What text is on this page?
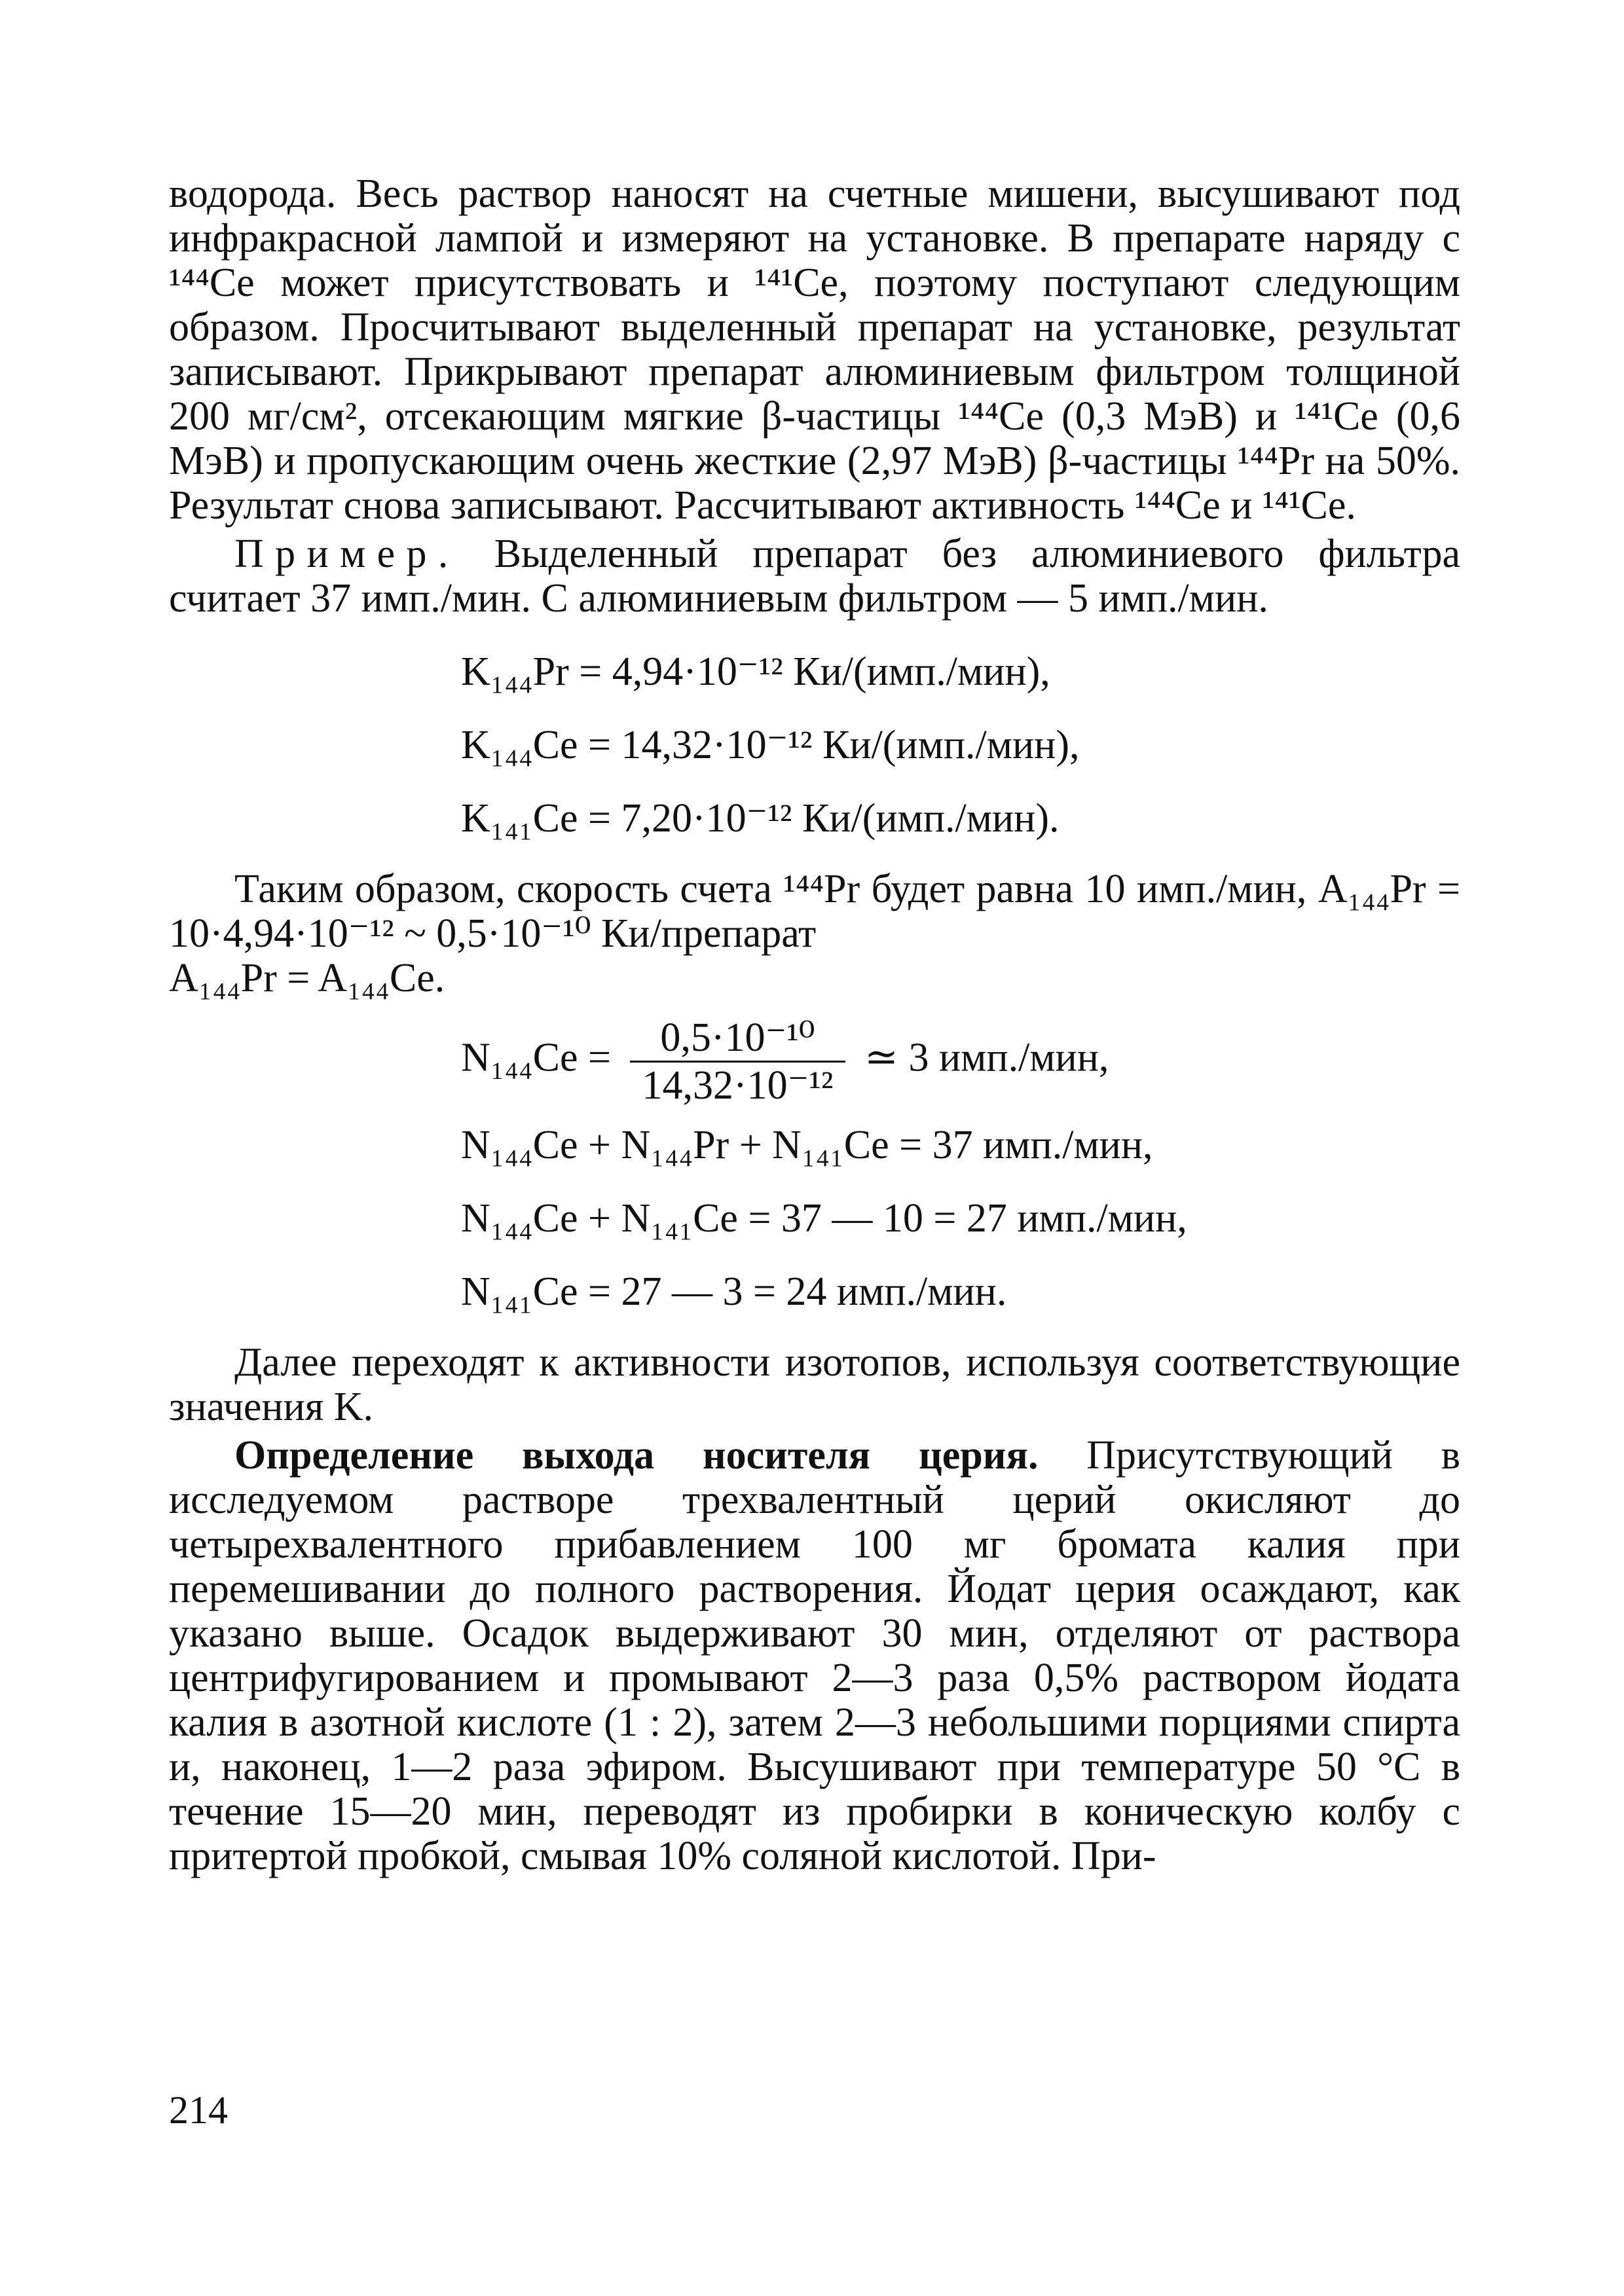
водорода. Весь раствор наносят на счетные мишени, высушивают под инфракрасной лампой и измеряют на установке. В препарате наряду с ¹⁴⁴Ce может присутствовать и ¹⁴¹Ce, поэтому поступают следующим образом. Просчитывают выделенный препарат на установке, результат записывают. Прикрывают препарат алюминиевым фильтром толщиной 200 мг/см², отсекающим мягкие β-частицы ¹⁴⁴Ce (0,3 МэВ) и ¹⁴¹Ce (0,6 МэВ) и пропускающим очень жесткие (2,97 МэВ) β-частицы ¹⁴⁴Pr на 50%. Результат снова записывают. Рассчитывают активность ¹⁴⁴Ce и ¹⁴¹Ce.

Пример. Выделенный препарат без алюминиевого фильтра считает 37 имп./мин. С алюминиевым фильтром — 5 имп./мин.

K₁₄₄Pr = 4,94·10⁻¹² Ки/(имп./мин),
K₁₄₄Ce = 14,32·10⁻¹² Ки/(имп./мин),
K₁₄₁Ce = 7,20·10⁻¹² Ки/(имп./мин).

Таким образом, скорость счета ¹⁴⁴Pr будет равна 10 имп./мин, A₁₄₄Pr = 10·4,94·10⁻¹² ~ 0,5·10⁻¹⁰ Ки/препарат

A₁₄₄Pr = A₁₄₄Ce.
$N_{144}Ce = \frac{\text{0,5·10⁻¹⁰}}{\text{14,32·10⁻¹²}}$ ≃ 3 имп./мин,
N₁₄₄Ce + N₁₄₄Pr + N₁₄₁Ce = 37 имп./мин,
N₁₄₄Ce + N₁₄₁Ce = 37 — 10 = 27 имп./мин,
N₁₄₁Ce = 27 — 3 = 24 имп./мин.

Далее переходят к активности изотопов, используя соответствующие значения K.

Определение выхода носителя церия. Присутствующий в исследуемом растворе трехвалентный церий окисляют до четырехвалентного прибавлением 100 мг бромата калия при перемешивании до полного растворения. Йодат церия осаждают, как указано выше. Осадок выдерживают 30 мин, отделяют от раствора центрифугированием и промывают 2—3 раза 0,5% раствором йодата калия в азотной кислоте (1 : 2), затем 2—3 небольшими порциями спирта и, наконец, 1—2 раза эфиром. Высушивают при температуре 50 °C в течение 15—20 мин, переводят из пробирки в коническую колбу с притертой пробкой, смывая 10% соляной кислотой. При-

214
